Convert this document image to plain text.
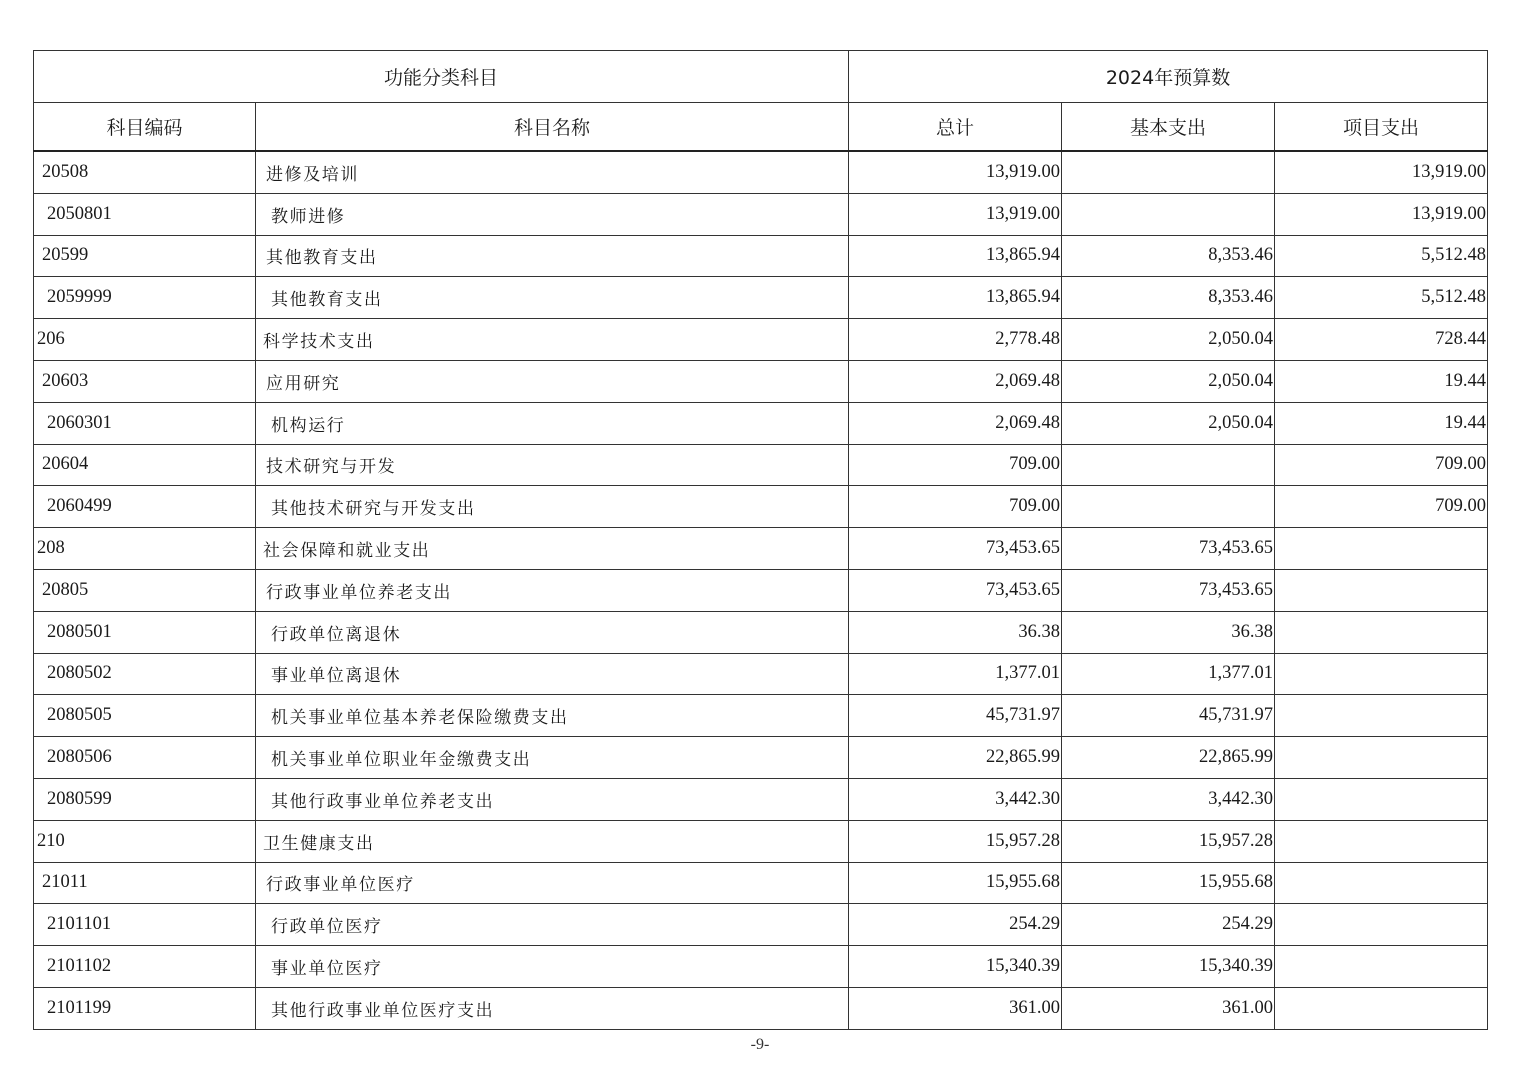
功能分类科目		2024年预算数		
科目编码	科目名称	总计	基本支出	项目支出
20508	进修及培训	13,919.00		13,919.00
2050801	教师进修	13,919.00		13,919.00
20599	其他教育支出	13,865.94	8,353.46	5,512.48
2059999	其他教育支出	13,865.94	8,353.46	5,512.48
206	科学技术支出	2,778.48	2,050.04	728.44
20603	应用研究	2,069.48	2,050.04	19.44
2060301	机构运行	2,069.48	2,050.04	19.44
20604	技术研究与开发	709.00		709.00
2060499	其他技术研究与开发支出	709.00		709.00
208	社会保障和就业支出	73,453.65	73,453.65	
20805	行政事业单位养老支出	73,453.65	73,453.65	
2080501	行政单位离退休	36.38	36.38	
2080502	事业单位离退休	1,377.01	1,377.01	
2080505	机关事业单位基本养老保险缴费支出	45,731.97	45,731.97	
2080506	机关事业单位职业年金缴费支出	22,865.99	22,865.99	
2080599	其他行政事业单位养老支出	3,442.30	3,442.30	
210	卫生健康支出	15,957.28	15,957.28	
21011	行政事业单位医疗	15,955.68	15,955.68	
2101101	行政单位医疗	254.29	254.29	
2101102	事业单位医疗	15,340.39	15,340.39	
2101199	其他行政事业单位医疗支出	361.00	361.00	
-9-
